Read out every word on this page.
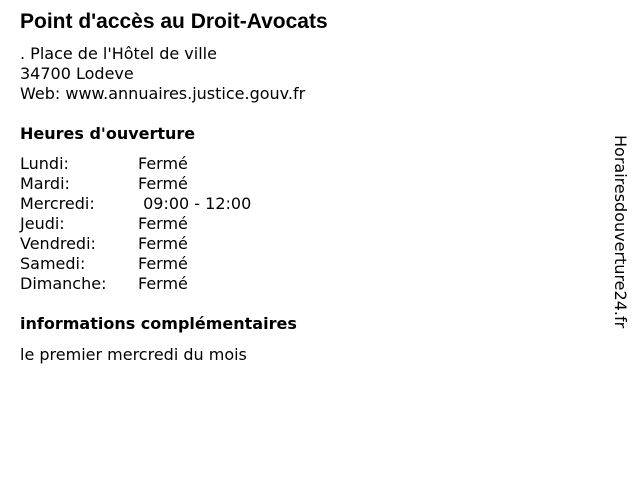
Point d'accès au Droit-Avocats
. Place de l'Hôtel de ville
34700 Lodeve
Web: www.annuaires.justice.gouv.fr
Heures d'ouverture
Lundi:	Fermé
Mardi:	Fermé
Mercredi:	09:00 - 12:00
Jeudi:	Fermé
Vendredi:	Fermé
Samedi:	Fermé
Dimanche: Fermé
informations complémentaires
le premier mercredi du mois
Horairesdouverture24.fr
